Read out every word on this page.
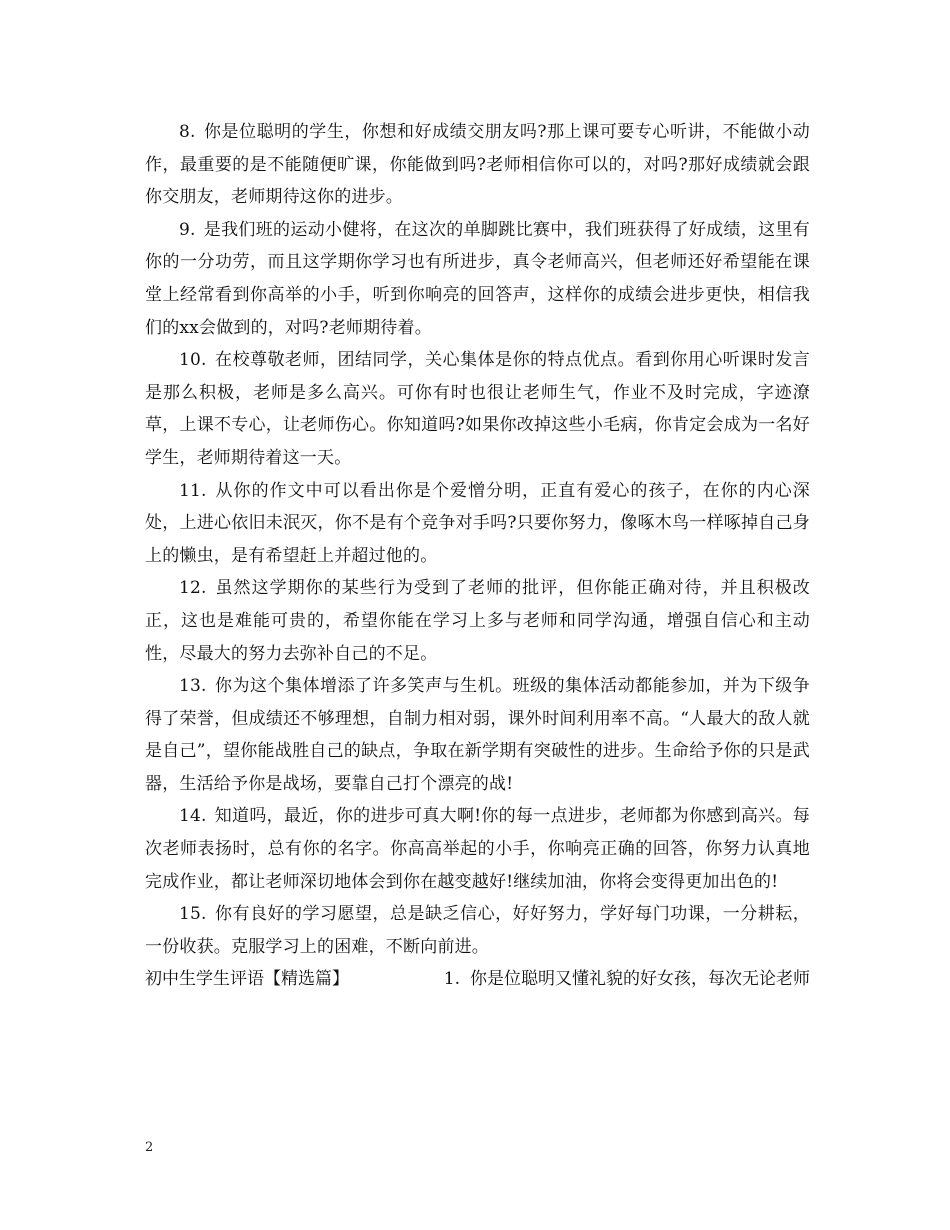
8. 你是位聪明的学生，你想和好成绩交朋友吗?那上课可要专心听讲，不能做小动作，最重要的是不能随便旷课，你能做到吗?老师相信你可以的，对吗?那好成绩就会跟你交朋友，老师期待这你的进步。

9. 是我们班的运动小健将，在这次的单脚跳比赛中，我们班获得了好成绩，这里有你的一分功劳，而且这学期你学习也有所进步，真令老师高兴，但老师还好希望能在课堂上经常看到你高举的小手，听到你响亮的回答声，这样你的成绩会进步更快，相信我们的xx会做到的，对吗?老师期待着。

10. 在校尊敬老师，团结同学，关心集体是你的特点优点。看到你用心听课时发言是那么积极，老师是多么高兴。可你有时也很让老师生气，作业不及时完成，字迹潦草，上课不专心，让老师伤心。你知道吗?如果你改掉这些小毛病，你肯定会成为一名好学生，老师期待着这一天。

11. 从你的作文中可以看出你是个爱憎分明，正直有爱心的孩子，在你的内心深处，上进心依旧未泯灭，你不是有个竞争对手吗?只要你努力，像啄木鸟一样啄掉自己身上的懒虫，是有希望赶上并超过他的。

12. 虽然这学期你的某些行为受到了老师的批评，但你能正确对待，并且积极改正，这也是难能可贵的，希望你能在学习上多与老师和同学沟通，增强自信心和主动性，尽最大的努力去弥补自己的不足。

13. 你为这个集体增添了许多笑声与生机。班级的集体活动都能参加，并为下级争得了荣誉，但成绩还不够理想，自制力相对弱，课外时间利用率不高。“人最大的敌人就是自己”，望你能战胜自己的缺点，争取在新学期有突破性的进步。生命给予你的只是武器，生活给予你是战场，要靠自己打个漂亮的战!

14. 知道吗，最近，你的进步可真大啊!你的每一点进步，老师都为你感到高兴。每次老师表扬时，总有你的名字。你高高举起的小手，你响亮正确的回答，你努力认真地完成作业，都让老师深切地体会到你在越变越好!继续加油，你将会变得更加出色的!

15. 你有良好的学习愿望，总是缺乏信心，好好努力，学好每门功课，一分耕耘，一份收获。克服学习上的困难，不断向前进。

初中生学生评语【精选篇】	1. 你是位聪明又懂礼貌的好女孩，每次无论老师
2
